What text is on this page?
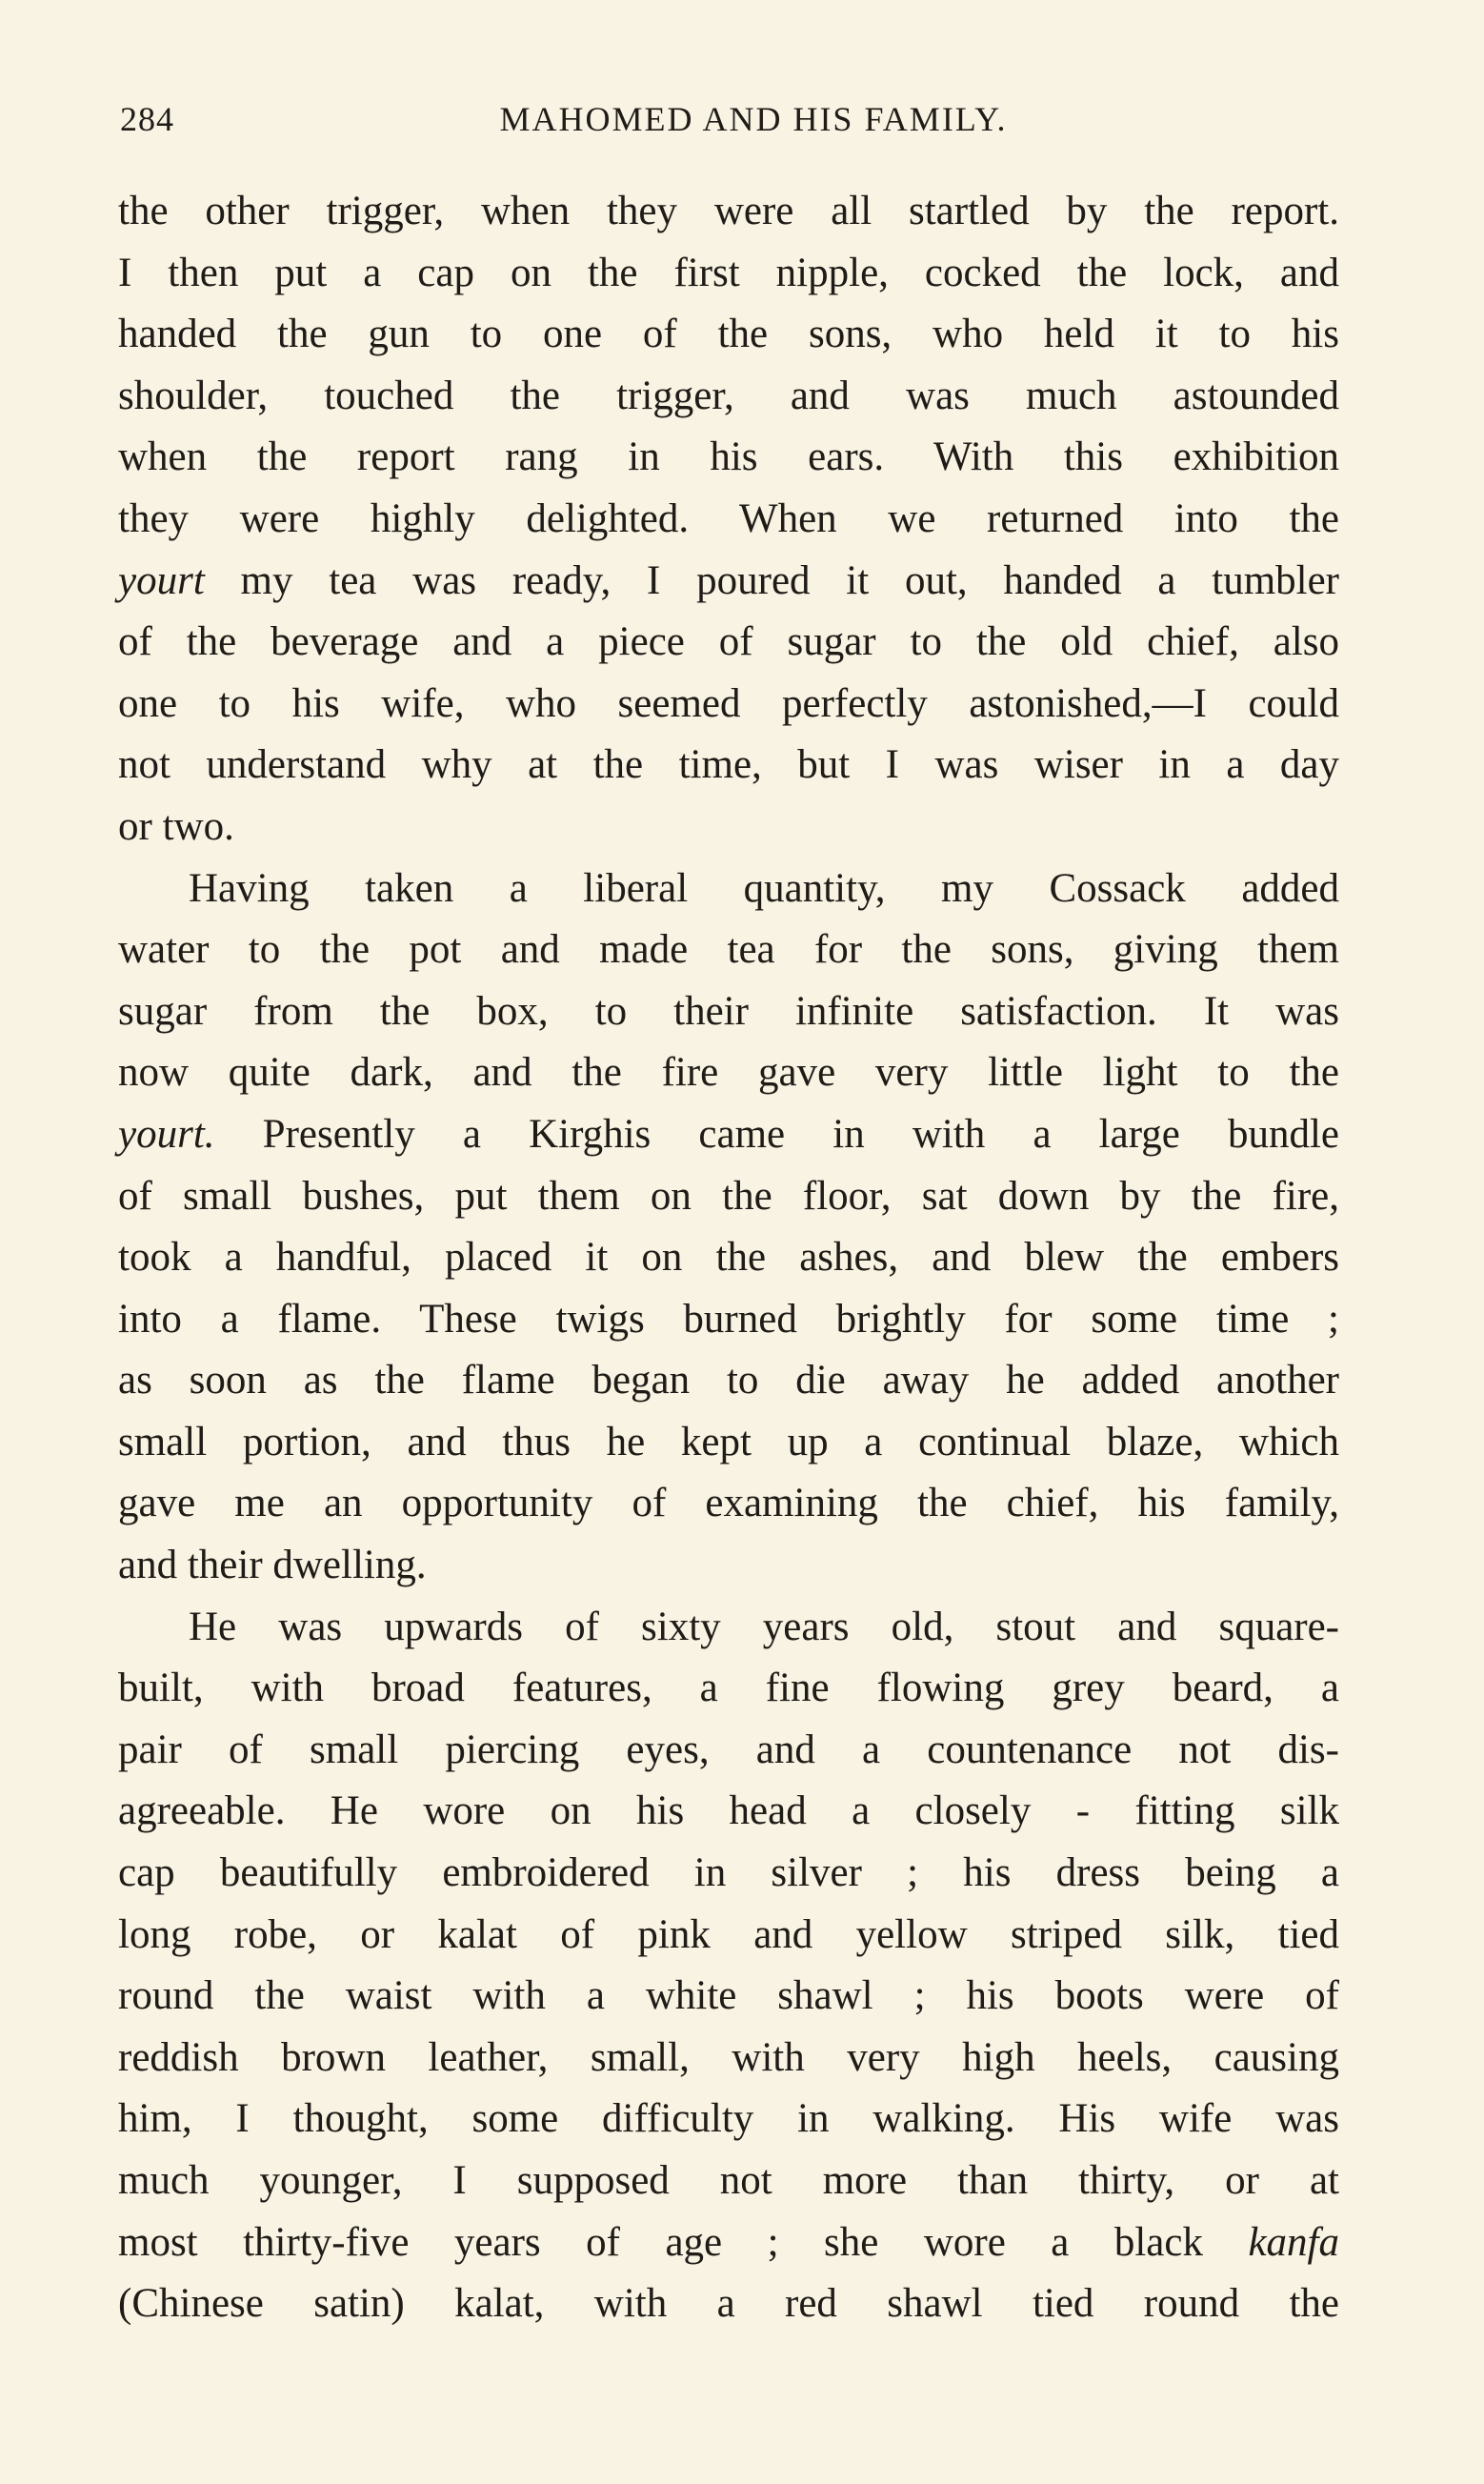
284	MAHOMED AND HIS FAMILY.
the other trigger, when they were all startled by the report.
I then put a cap on the first nipple, cocked the lock, and
handed the gun to one of the sons, who held it to his
shoulder, touched the trigger, and was much astounded
when the report rang in his ears. With this exhibition
they were highly delighted. When we returned into the
yourt my tea was ready, I poured it out, handed a tumbler
of the beverage and a piece of sugar to the old chief, also
one to his wife, who seemed perfectly astonished,—I could
not understand why at the time, but I was wiser in a day
or two.
Having taken a liberal quantity, my Cossack added
water to the pot and made tea for the sons, giving them
sugar from the box, to their infinite satisfaction. It was
now quite dark, and the fire gave very little light to the
yourt. Presently a Kirghis came in with a large bundle
of small bushes, put them on the floor, sat down by the fire,
took a handful, placed it on the ashes, and blew the embers
into a flame. These twigs burned brightly for some time ;
as soon as the flame began to die away he added another
small portion, and thus he kept up a continual blaze, which
gave me an opportunity of examining the chief, his family,
and their dwelling.
He was upwards of sixty years old, stout and square-
built, with broad features, a fine flowing grey beard, a
pair of small piercing eyes, and a countenance not dis-
agreeable. He wore on his head a closely - fitting silk
cap beautifully embroidered in silver ; his dress being a
long robe, or kalat of pink and yellow striped silk, tied
round the waist with a white shawl ; his boots were of
reddish brown leather, small, with very high heels, causing
him, I thought, some difficulty in walking. His wife was
much younger, I supposed not more than thirty, or at
most thirty-five years of age ; she wore a black kanfa
(Chinese satin) kalat, with a red shawl tied round the
